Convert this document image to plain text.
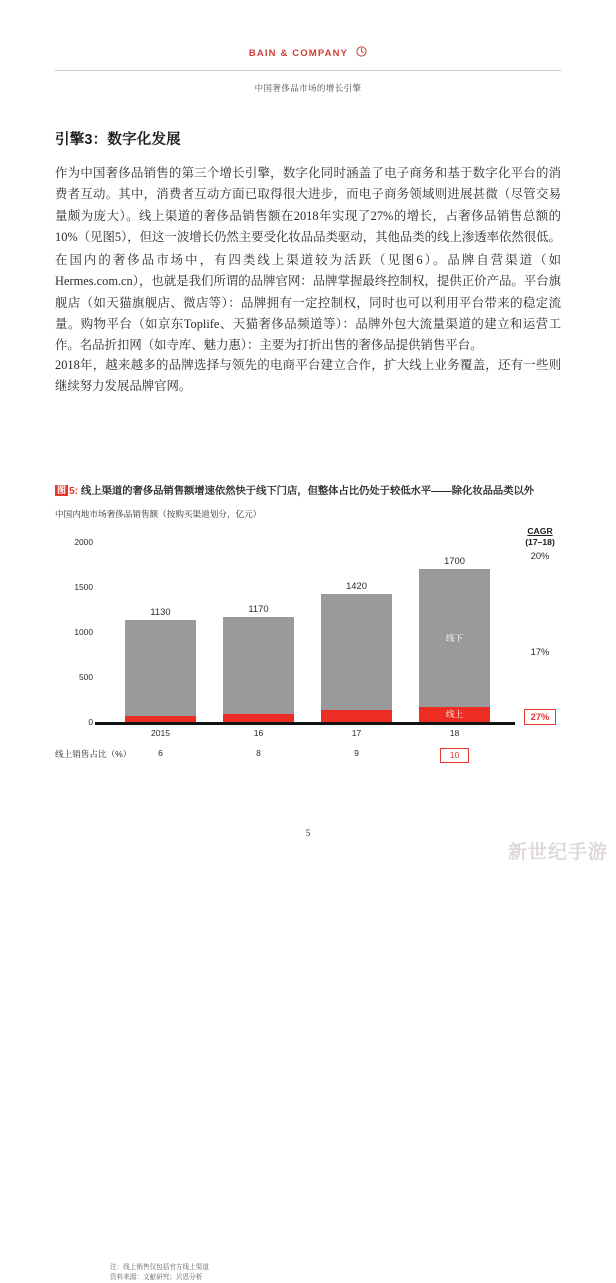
BAIN & COMPANY
中国奢侈品市场的增长引擎
引擎3：数字化发展
作为中国奢侈品销售的第三个增长引擎，数字化同时涵盖了电子商务和基于数字化平台的消费者互动。其中，消费者互动方面已取得很大进步，而电子商务领域则进展甚微（尽管交易量颇为庞大）。线上渠道的奢侈品销售额在2018年实现了27%的增长，占奢侈品销售总额的10%（见图5），但这一波增长仍然主要受化妆品品类驱动，其他品类的线上渗透率依然很低。
在国内的奢侈品市场中，有四类线上渠道较为活跃（见图6）。品牌自营渠道（如Hermes.com.cn），也就是我们所谓的品牌官网：品牌掌握最终控制权，提供正价产品。平台旗舰店（如天猫旗舰店、微店等）：品牌拥有一定控制权，同时也可以利用平台带来的稳定流量。购物平台（如京东Toplife、天猫奢侈品频道等）：品牌外包大流量渠道的建立和运营工作。名品折扣网（如寺库、魅力惠）：主要为打折出售的奢侈品提供销售平台。
2018年，越来越多的品牌选择与领先的电商平台建立合作，扩大线上业务覆盖，还有一些则继续努力发展品牌官网。
图 5: 线上渠道的奢侈品销售额增速依然快于线下门店，但整体占比仍处于较低水平——除化妆品品类以外
中国内地市场奢侈品销售额（按购买渠道划分，亿元）
0
500
1000
1500
2000
1130	1170
1420
线下
线上
1700
2015	16	17	18
线上销售占比（%）	6	8	9	10
CAGR
(17–18)
20%
17%
27%
注：线上销售仅包括官方线上渠道
资料来源：文献研究；贝恩分析
5
新世纪手游
